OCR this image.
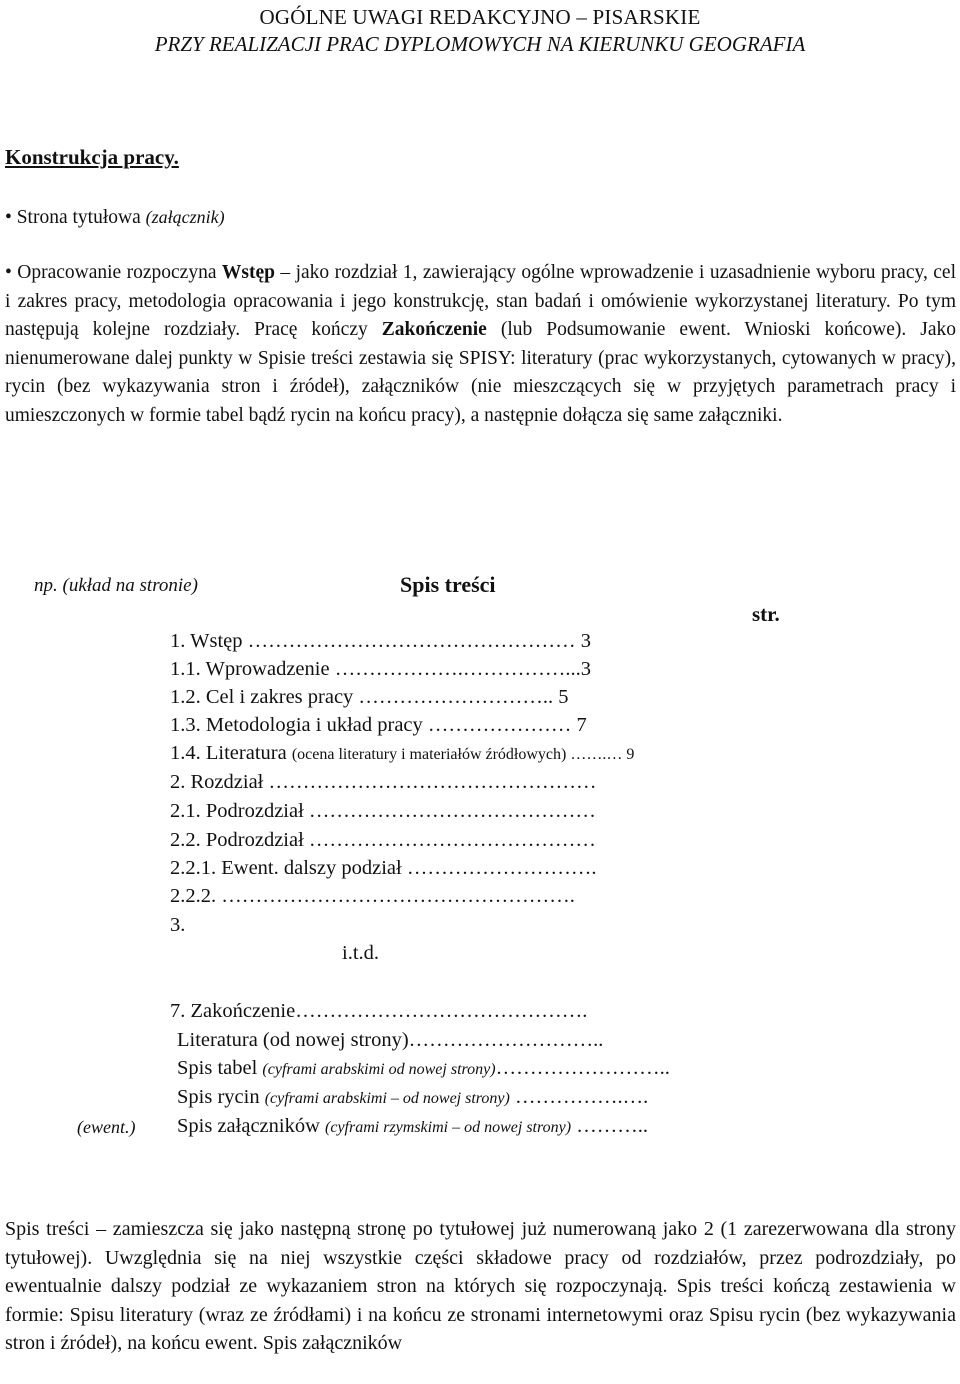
OGÓLNE UWAGI REDAKCYJNO – PISARSKIE
PRZY REALIZACJI PRAC DYPLOMOWYCH NA KIERUNKU GEOGRAFIA
Konstrukcja pracy.
• Strona tytułowa (załącznik)
• Opracowanie rozpoczyna Wstęp – jako rozdział 1, zawierający ogólne wprowadzenie i uzasadnienie wyboru pracy, cel i zakres pracy, metodologia opracowania i jego konstrukcję, stan badań i omówienie wykorzystanej literatury. Po tym następują kolejne rozdziały. Pracę kończy Zakończenie (lub Podsumowanie ewent. Wnioski końcowe). Jako nienumerowane dalej punkty w Spisie treści zestawia się SPISY: literatury (prac wykorzystanych, cytowanych w pracy), rycin (bez wykazywania stron i źródeł), załączników (nie mieszczących się w przyjętych parametrach pracy i umieszczonych w formie tabel bądź rycin na końcu pracy), a następnie dołącza się same załączniki.
np. (układ na stronie)	Spis treści
str.
1. Wstęp ………………………………………… 3
1.1. Wprowadzenie ……………….……………...3
1.2. Cel i zakres pracy ……………………….. 5
1.3. Metodologia i układ pracy ………………… 7
1.4. Literatura (ocena literatury i materiałów źródłowych) …….… 9
2. Rozdział …………………………………………
2.1. Podrozdział ……………………………………
2.2. Podrozdział ……………………………………
2.2.1. Ewent. dalszy podział ……………………….
2.2.2. …………………………………………….
3.
i.t.d.
7. Zakończenie…………………………………….
Literatura (od nowej strony)………………………..
Spis tabel (cyframi arabskimi od nowej strony)……………………..
Spis rycin (cyframi arabskimi – od nowej strony) …………….….
(ewent.) Spis załączników (cyframi rzymskimi – od nowej strony) ………..
Spis treści – zamieszcza się jako następną stronę po tytułowej już numerowaną jako 2 (1 zarezerwowana dla strony tytułowej). Uwzględnia się na niej wszystkie części składowe pracy od rozdziałów, przez podrozdziały, po ewentualnie dalszy podział ze wykazaniem stron na których się rozpoczynają. Spis treści kończą zestawienia w formie: Spisu literatury (wraz ze źródłami) i na końcu ze stronami internetowymi oraz Spisu rycin (bez wykazywania stron i źródeł), na końcu ewent. Spis załączników
